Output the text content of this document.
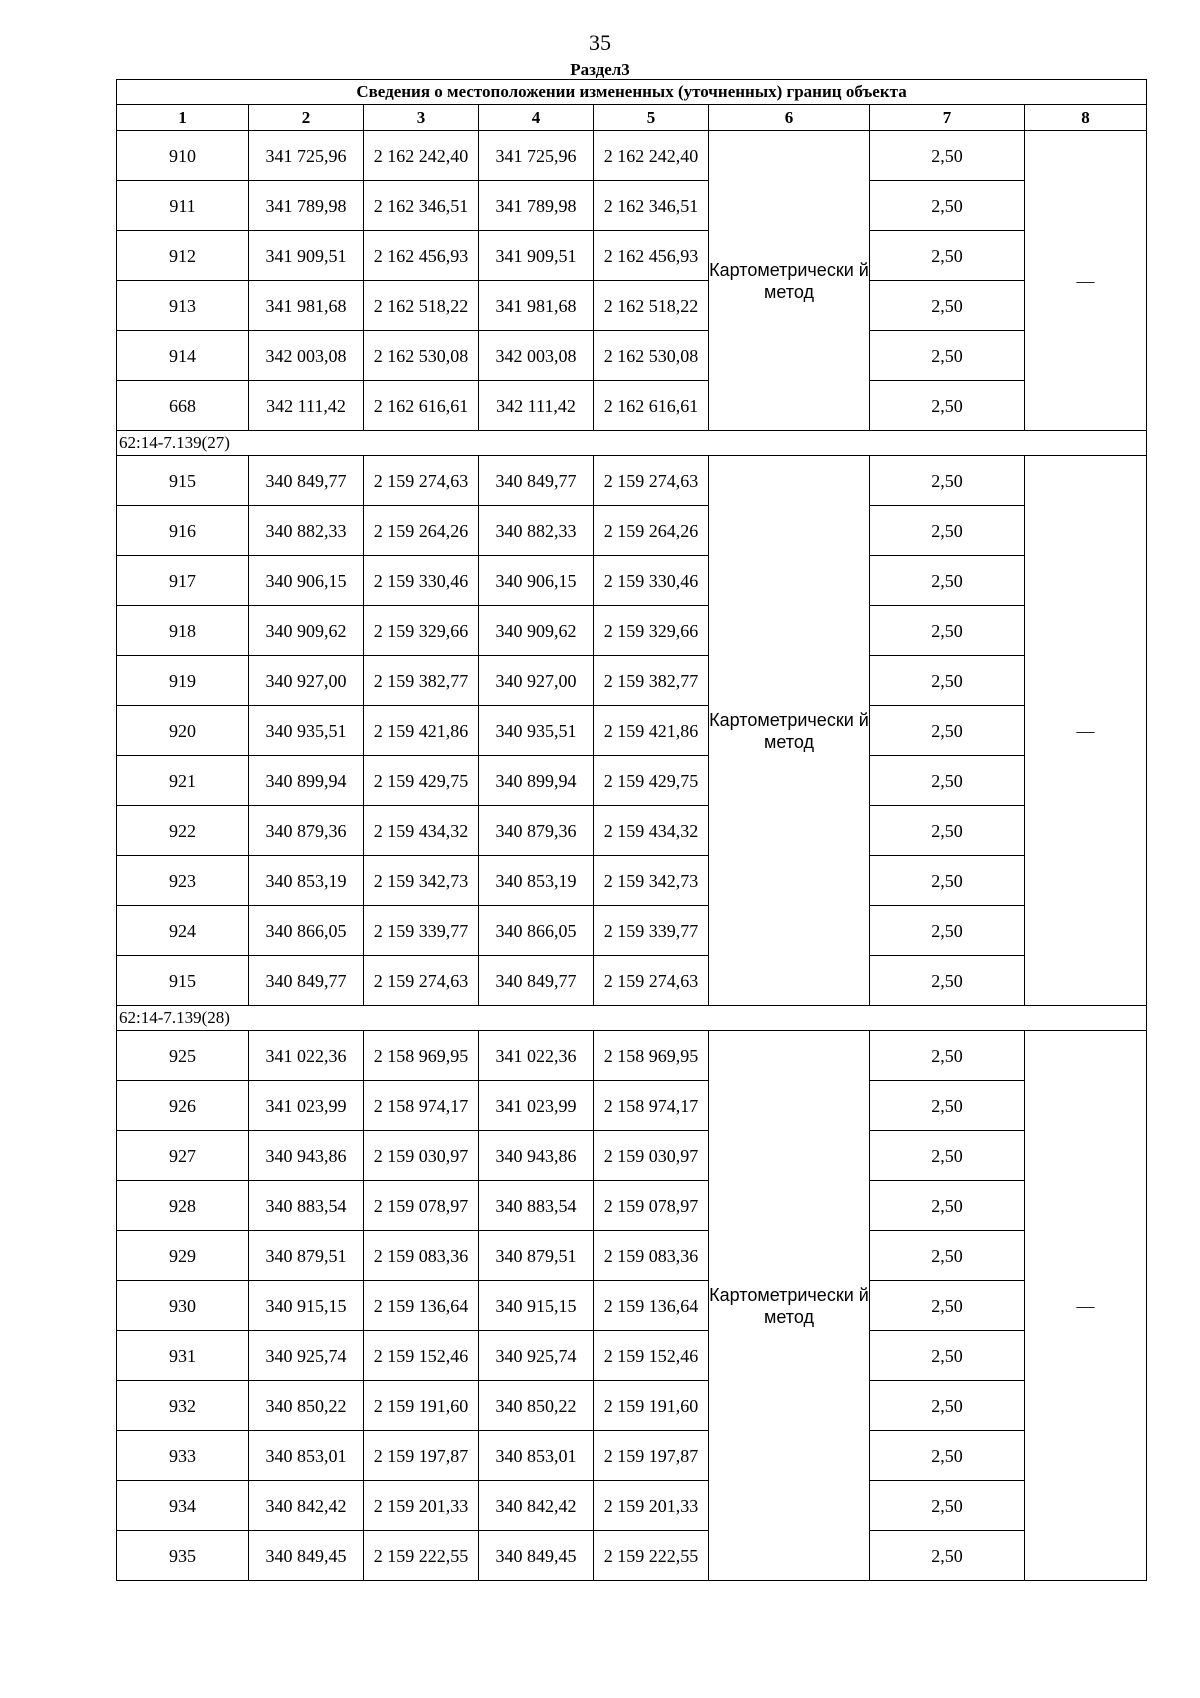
35
Раздел3
Сведения о местоположении измененных (уточненных) границ объекта							
1	2	3	4	5	6	7	8
910	341 725,96	2 162 242,40	341 725,96	2 162 242,40	Картометрически й метод	2,50	—
911	341 789,98	2 162 346,51	341 789,98	2 162 346,51		2,50	
912	341 909,51	2 162 456,93	341 909,51	2 162 456,93		2,50	
913	341 981,68	2 162 518,22	341 981,68	2 162 518,22		2,50	
914	342 003,08	2 162 530,08	342 003,08	2 162 530,08		2,50	
668	342 111,42	2 162 616,61	342 111,42	2 162 616,61		2,50	
62:14-7.139(27)							
915	340 849,77	2 159 274,63	340 849,77	2 159 274,63	Картометрически й метод	2,50	—
916	340 882,33	2 159 264,26	340 882,33	2 159 264,26		2,50	
917	340 906,15	2 159 330,46	340 906,15	2 159 330,46		2,50	
918	340 909,62	2 159 329,66	340 909,62	2 159 329,66		2,50	
919	340 927,00	2 159 382,77	340 927,00	2 159 382,77		2,50	
920	340 935,51	2 159 421,86	340 935,51	2 159 421,86		2,50	
921	340 899,94	2 159 429,75	340 899,94	2 159 429,75		2,50	
922	340 879,36	2 159 434,32	340 879,36	2 159 434,32		2,50	
923	340 853,19	2 159 342,73	340 853,19	2 159 342,73		2,50	
924	340 866,05	2 159 339,77	340 866,05	2 159 339,77		2,50	
915	340 849,77	2 159 274,63	340 849,77	2 159 274,63		2,50	
62:14-7.139(28)							
925	341 022,36	2 158 969,95	341 022,36	2 158 969,95	Картометрически й метод	2,50	—
926	341 023,99	2 158 974,17	341 023,99	2 158 974,17		2,50	
927	340 943,86	2 159 030,97	340 943,86	2 159 030,97		2,50	
928	340 883,54	2 159 078,97	340 883,54	2 159 078,97		2,50	
929	340 879,51	2 159 083,36	340 879,51	2 159 083,36		2,50	
930	340 915,15	2 159 136,64	340 915,15	2 159 136,64		2,50	
931	340 925,74	2 159 152,46	340 925,74	2 159 152,46		2,50	
932	340 850,22	2 159 191,60	340 850,22	2 159 191,60		2,50	
933	340 853,01	2 159 197,87	340 853,01	2 159 197,87		2,50	
934	340 842,42	2 159 201,33	340 842,42	2 159 201,33		2,50	
935	340 849,45	2 159 222,55	340 849,45	2 159 222,55		2,50	
